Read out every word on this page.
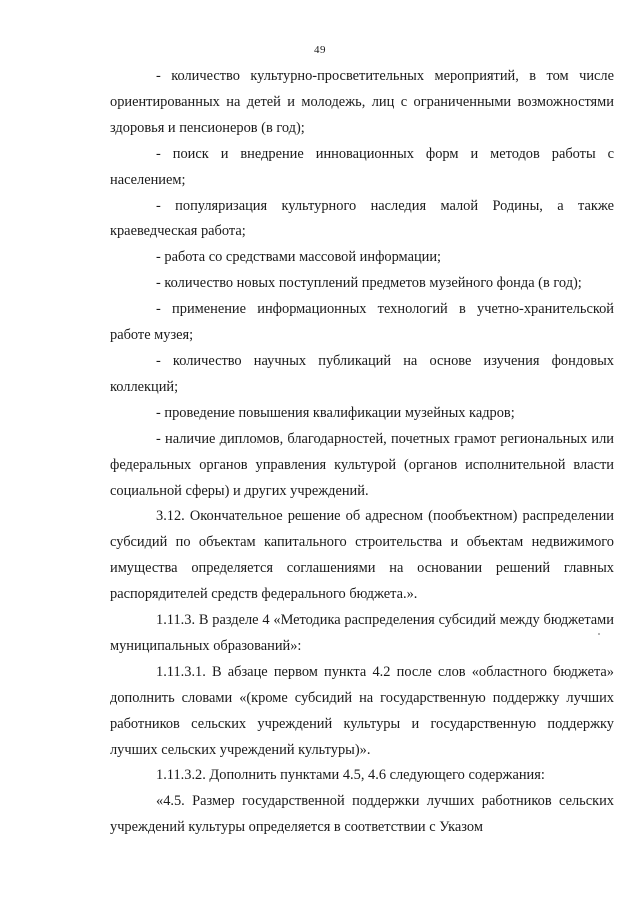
49

- количество культурно-просветительных мероприятий, в том числе ориентированных на детей и молодежь, лиц с ограниченными возможностями здоровья и пенсионеров (в год);

- поиск и внедрение инновационных форм и методов работы с населением;

- популяризация культурного наследия малой Родины, а также краеведческая работа;

- работа со средствами массовой информации;

- количество новых поступлений предметов музейного фонда (в год);

- применение информационных технологий в учетно-хранительской работе музея;

- количество научных публикаций на основе изучения фондовых коллекций;

- проведение повышения квалификации музейных кадров;

- наличие дипломов, благодарностей, почетных грамот региональных или федеральных органов управления культурой (органов исполнительной власти социальной сферы) и других учреждений.

3.12. Окончательное решение об адресном (пообъектном) распределении субсидий по объектам капитального строительства и объектам недвижимого имущества определяется соглашениями на основании решений главных распорядителей средств федерального бюджета.».

1.11.3. В разделе 4 «Методика распределения субсидий между бюджетами муниципальных образований»:

1.11.3.1. В абзаце первом пункта 4.2 после слов «областного бюджета» дополнить словами «(кроме субсидий на государственную поддержку лучших работников сельских учреждений культуры и государственную поддержку лучших сельских учреждений культуры)».

1.11.3.2. Дополнить пунктами 4.5, 4.6 следующего содержания:

«4.5. Размер государственной поддержки лучших работников сельских учреждений культуры определяется в соответствии с Указом
